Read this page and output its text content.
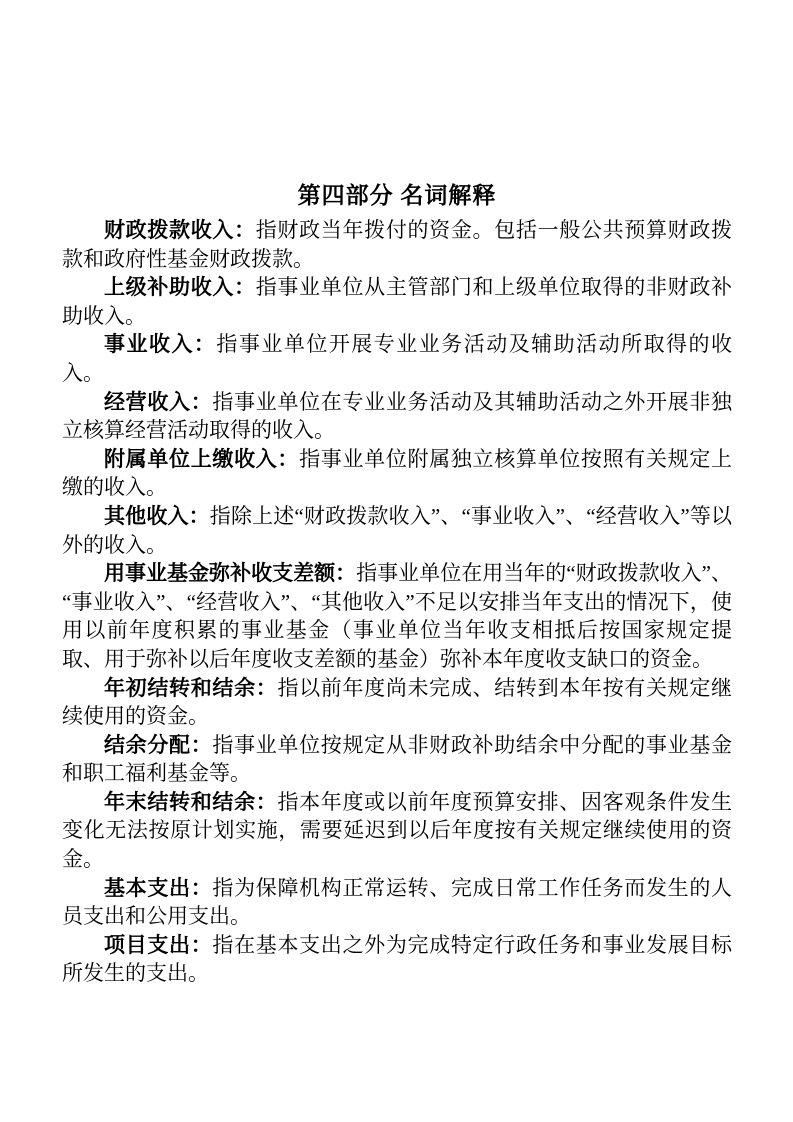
第四部分 名词解释

财政拨款收入：指财政当年拨付的资金。包括一般公共预算财政拨款和政府性基金财政拨款。

上级补助收入：指事业单位从主管部门和上级单位取得的非财政补助收入。

事业收入：指事业单位开展专业业务活动及辅助活动所取得的收入。

经营收入：指事业单位在专业业务活动及其辅助活动之外开展非独立核算经营活动取得的收入。

附属单位上缴收入：指事业单位附属独立核算单位按照有关规定上缴的收入。

其他收入：指除上述“财政拨款收入”、“事业收入”、“经营收入”等以外的收入。

用事业基金弥补收支差额：指事业单位在用当年的“财政拨款收入”、“事业收入”、“经营收入”、“其他收入”不足以安排当年支出的情况下，使用以前年度积累的事业基金（事业单位当年收支相抵后按国家规定提取、用于弥补以后年度收支差额的基金）弥补本年度收支缺口的资金。

年初结转和结余：指以前年度尚未完成、结转到本年按有关规定继续使用的资金。

结余分配：指事业单位按规定从非财政补助结余中分配的事业基金和职工福利基金等。

年末结转和结余：指本年度或以前年度预算安排、因客观条件发生变化无法按原计划实施，需要延迟到以后年度按有关规定继续使用的资金。

基本支出：指为保障机构正常运转、完成日常工作任务而发生的人员支出和公用支出。

项目支出：指在基本支出之外为完成特定行政任务和事业发展目标所发生的支出。
